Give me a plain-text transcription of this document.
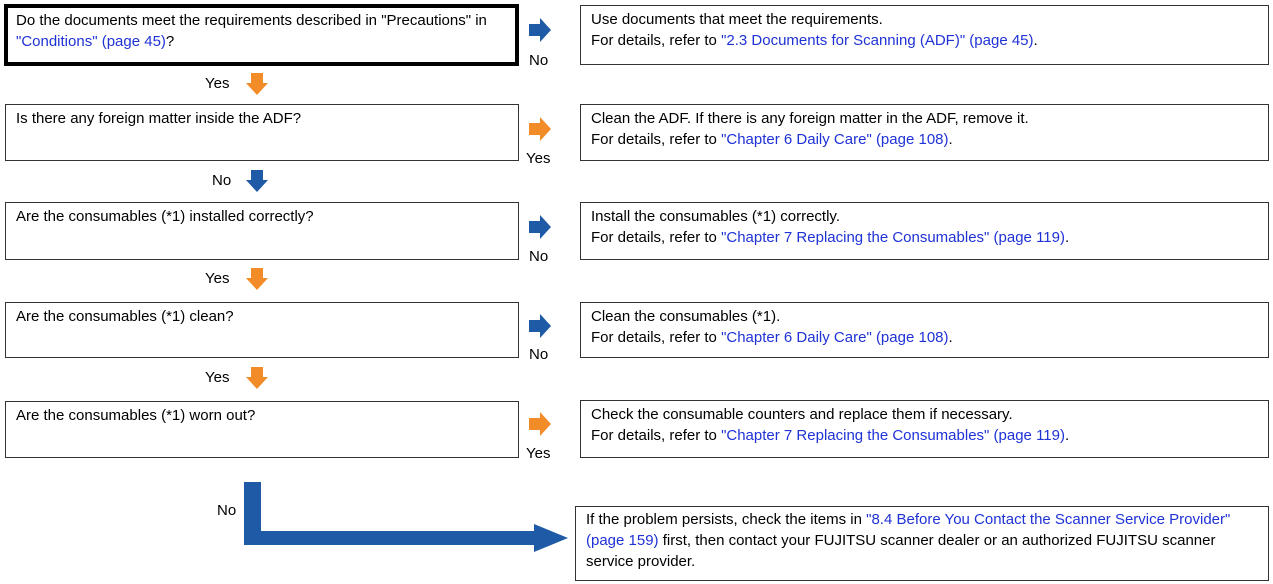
Do the documents meet the requirements described in "Precautions" in "Conditions" (page 45)?
No
Use documents that meet the requirements.
For details, refer to "2.3 Documents for Scanning (ADF)" (page 45).
Yes
Is there any foreign matter inside the ADF?
Yes
Clean the ADF. If there is any foreign matter in the ADF, remove it.
For details, refer to "Chapter 6 Daily Care" (page 108).
No
Are the consumables (*1) installed correctly?
No
Install the consumables (*1) correctly.
For details, refer to "Chapter 7 Replacing the Consumables" (page 119).
Yes
Are the consumables (*1) clean?
No
Clean the consumables (*1).
For details, refer to "Chapter 6 Daily Care" (page 108).
Yes
Are the consumables (*1) worn out?
Yes
Check the consumable counters and replace them if necessary.
For details, refer to "Chapter 7 Replacing the Consumables" (page 119).
No
If the problem persists, check the items in "8.4 Before You Contact the Scanner Service Provider" (page 159) first, then contact your FUJITSU scanner dealer or an authorized FUJITSU scanner service provider.
